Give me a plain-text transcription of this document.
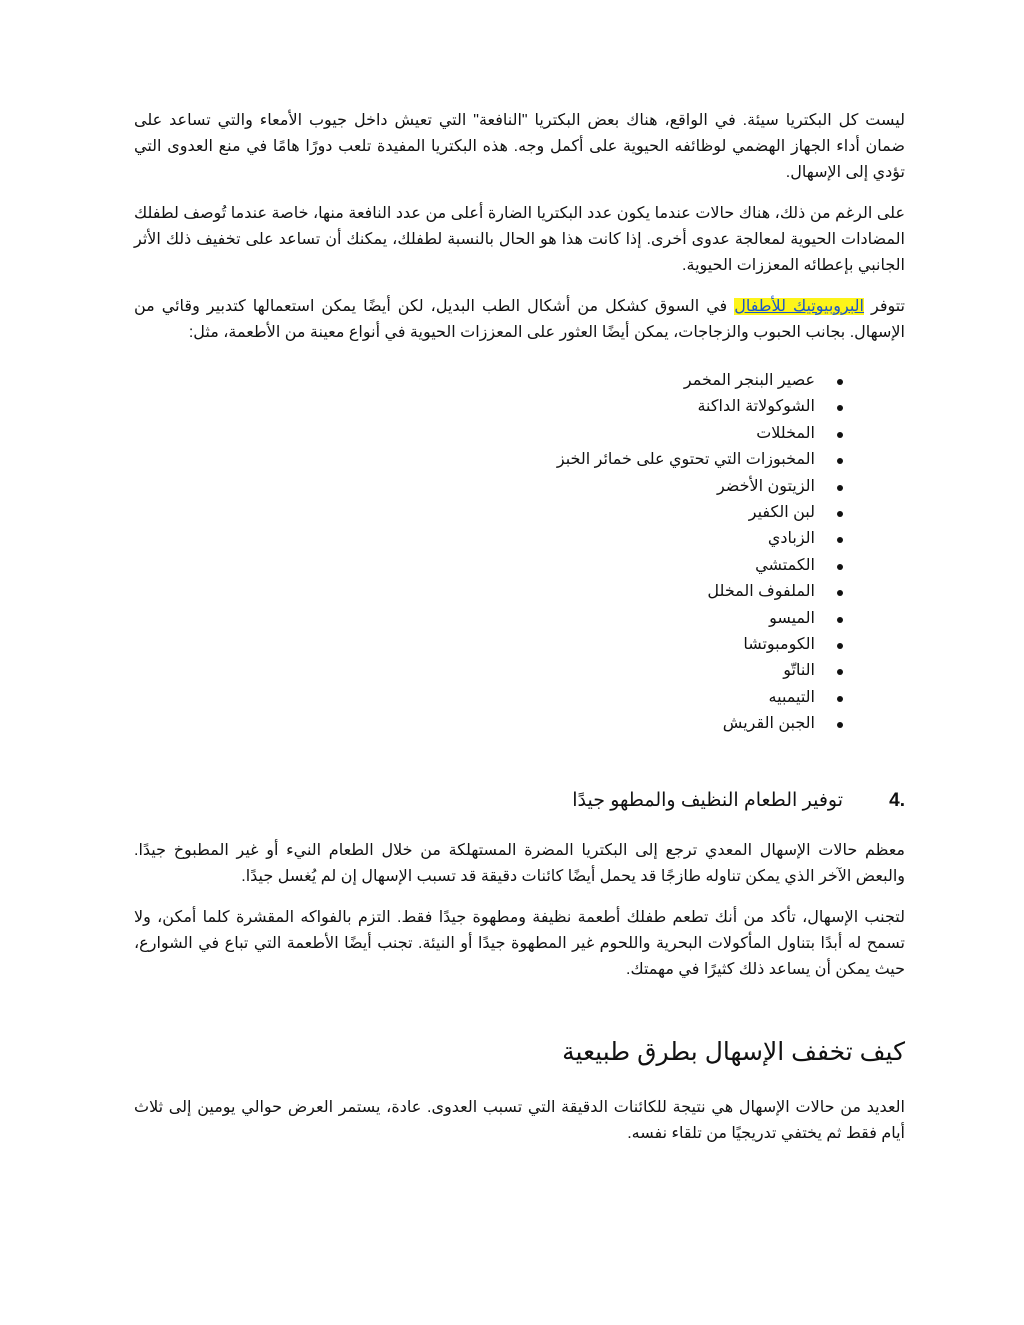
ليست كل البكتريا سيئة. في الواقع، هناك بعض البكتريا "النافعة" التي تعيش داخل جيوب الأمعاء والتي تساعد على ضمان أداء الجهاز الهضمي لوظائفه الحيوية على أكمل وجه. هذه البكتريا المفيدة تلعب دورًا هامًا في منع العدوى التي تؤدي إلى الإسهال.

على الرغم من ذلك، هناك حالات عندما يكون عدد البكتريا الضارة أعلى من عدد النافعة منها، خاصة عندما تُوصف لطفلك المضادات الحيوية لمعالجة عدوى أخرى. إذا كانت هذا هو الحال بالنسبة لطفلك، يمكنك أن تساعد على تخفيف ذلك الأثر الجانبي بإعطائه المعززات الحيوية.

تتوفر البروبيوتيك للأطفال في السوق كشكل من أشكال الطب البديل، لكن أيضًا يمكن استعمالها كتدبير وقائي من الإسهال. بجانب الحبوب والزجاجات، يمكن أيضًا العثور على المعززات الحيوية في أنواع معينة من الأطعمة، مثل:

عصير البنجر المخمر
الشوكولاتة الداكنة
المخللات
المخبوزات التي تحتوي على خمائر الخبز
الزيتون الأخضر
لبن الكفير
الزبادي
الكمتشي
الملفوف المخلل
الميسو
الكومبوتشا
الناتّو
التيمبيه
الجبن القريش
4.
توفير الطعام النظيف والمطهو جيدًا

معظم حالات الإسهال المعدي ترجع إلى البكتريا المضرة المستهلكة من خلال الطعام النيء أو غير المطبوخ جيدًا. والبعض الآخر الذي يمكن تناوله طازجًا قد يحمل أيضًا كائنات دقيقة قد تسبب الإسهال إن لم يُغسل جيدًا.

لتجنب الإسهال، تأكد من أنك تطعم طفلك أطعمة نظيفة ومطهوة جيدًا فقط. التزم بالفواكه المقشرة كلما أمكن، ولا تسمح له أبدًا بتناول المأكولات البحرية واللحوم غير المطهوة جيدًا أو النيئة. تجنب أيضًا الأطعمة التي تباع في الشوارع، حيث يمكن أن يساعد ذلك كثيرًا في مهمتك.

كيف تخفف الإسهال بطرق طبيعية

العديد من حالات الإسهال هي نتيجة للكائنات الدقيقة التي تسبب العدوى. عادة، يستمر العرض حوالي يومين إلى ثلاث أيام فقط ثم يختفي تدريجيًا من تلقاء نفسه.
